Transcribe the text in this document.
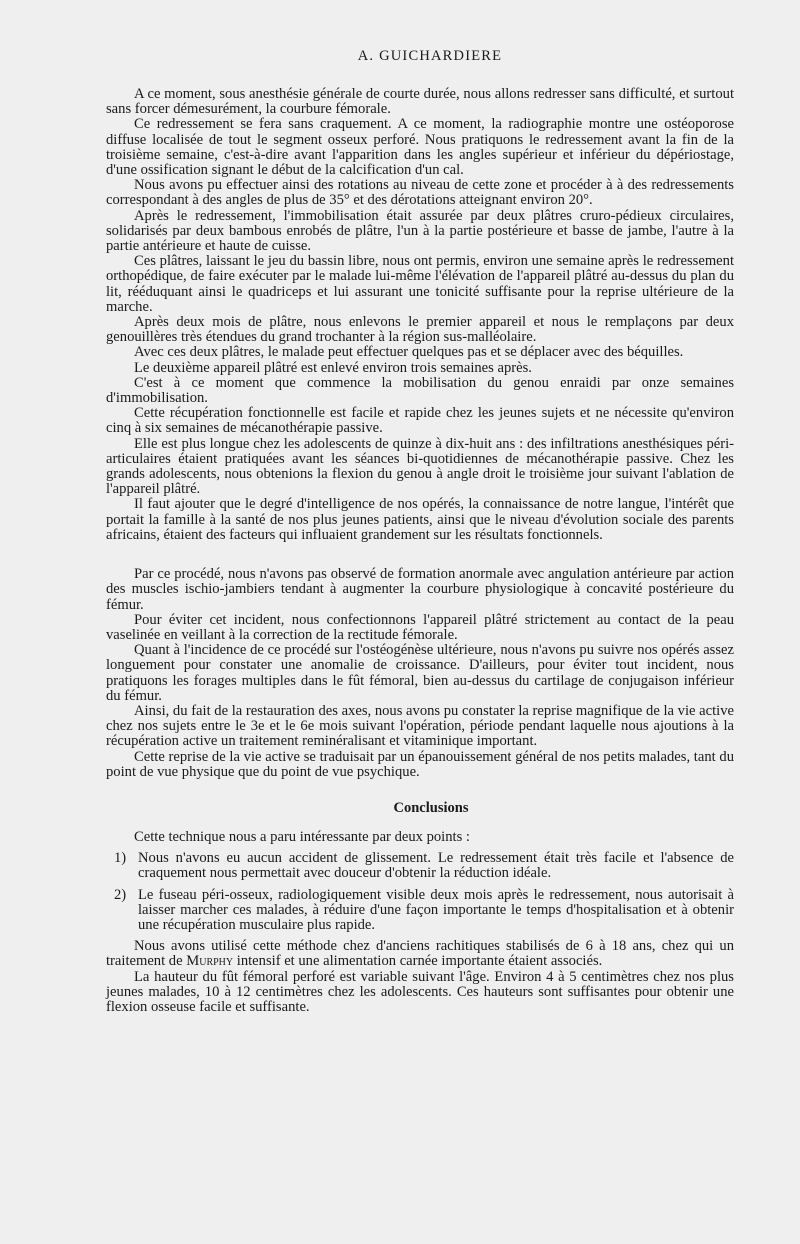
A. GUICHARDIERE

A ce moment, sous anesthésie générale de courte durée, nous allons redresser sans difficulté, et surtout sans forcer démesurément, la courbure fémorale.

Ce redressement se fera sans craquement. A ce moment, la radiographie montre une ostéoporose diffuse localisée de tout le segment osseux perforé. Nous pratiquons le redressement avant la fin de la troisième semaine, c'est-à-dire avant l'apparition dans les angles supérieur et inférieur du dépériostage, d'une ossification signant le début de la calcification d'un cal.

Nous avons pu effectuer ainsi des rotations au niveau de cette zone et procéder à à des redressements correspondant à des angles de plus de 35° et des dérotations atteignant environ 20°.

Après le redressement, l'immobilisation était assurée par deux plâtres cruro-pédieux circulaires, solidarisés par deux bambous enrobés de plâtre, l'un à la partie postérieure et basse de jambe, l'autre à la partie antérieure et haute de cuisse.

Ces plâtres, laissant le jeu du bassin libre, nous ont permis, environ une semaine après le redressement orthopédique, de faire exécuter par le malade lui-même l'élévation de l'appareil plâtré au-dessus du plan du lit, rééduquant ainsi le quadriceps et lui assurant une tonicité suffisante pour la reprise ultérieure de la marche.

Après deux mois de plâtre, nous enlevons le premier appareil et nous le remplaçons par deux genouillères très étendues du grand trochanter à la région sus-malléolaire.

Avec ces deux plâtres, le malade peut effectuer quelques pas et se déplacer avec des béquilles.

Le deuxième appareil plâtré est enlevé environ trois semaines après.

C'est à ce moment que commence la mobilisation du genou enraidi par onze semaines d'immobilisation.

Cette récupération fonctionnelle est facile et rapide chez les jeunes sujets et ne nécessite qu'environ cinq à six semaines de mécanothérapie passive.

Elle est plus longue chez les adolescents de quinze à dix-huit ans : des infiltrations anesthésiques péri-articulaires étaient pratiquées avant les séances bi-quotidiennes de mécanothérapie passive. Chez les grands adolescents, nous obtenions la flexion du genou à angle droit le troisième jour suivant l'ablation de l'appareil plâtré.

Il faut ajouter que le degré d'intelligence de nos opérés, la connaissance de notre langue, l'intérêt que portait la famille à la santé de nos plus jeunes patients, ainsi que le niveau d'évolution sociale des parents africains, étaient des facteurs qui influaient grandement sur les résultats fonctionnels.

Par ce procédé, nous n'avons pas observé de formation anormale avec angulation antérieure par action des muscles ischio-jambiers tendant à augmenter la courbure physiologique à concavité postérieure du fémur.

Pour éviter cet incident, nous confectionnons l'appareil plâtré strictement au contact de la peau vaselinée en veillant à la correction de la rectitude fémorale.

Quant à l'incidence de ce procédé sur l'ostéogénèse ultérieure, nous n'avons pu suivre nos opérés assez longuement pour constater une anomalie de croissance. D'ailleurs, pour éviter tout incident, nous pratiquons les forages multiples dans le fût fémoral, bien au-dessus du cartilage de conjugaison inférieur du fémur.

Ainsi, du fait de la restauration des axes, nous avons pu constater la reprise magnifique de la vie active chez nos sujets entre le 3e et le 6e mois suivant l'opération, période pendant laquelle nous ajoutions à la récupération active un traitement reminéralisant et vitaminique important.

Cette reprise de la vie active se traduisait par un épanouissement général de nos petits malades, tant du point de vue physique que du point de vue psychique.

Conclusions

Cette technique nous a paru intéressante par deux points :

1) Nous n'avons eu aucun accident de glissement. Le redressement était très facile et l'absence de craquement nous permettait avec douceur d'obtenir la réduction idéale.
2) Le fuseau péri-osseux, radiologiquement visible deux mois après le redressement, nous autorisait à laisser marcher ces malades, à réduire d'une façon importante le temps d'hospitalisation et à obtenir une récupération musculaire plus rapide.

Nous avons utilisé cette méthode chez d'anciens rachitiques stabilisés de 6 à 18 ans, chez qui un traitement de Murphy intensif et une alimentation carnée importante étaient associés.

La hauteur du fût fémoral perforé est variable suivant l'âge. Environ 4 à 5 centimètres chez nos plus jeunes malades, 10 à 12 centimètres chez les adolescents. Ces hauteurs sont suffisantes pour obtenir une flexion osseuse facile et suffisante.
